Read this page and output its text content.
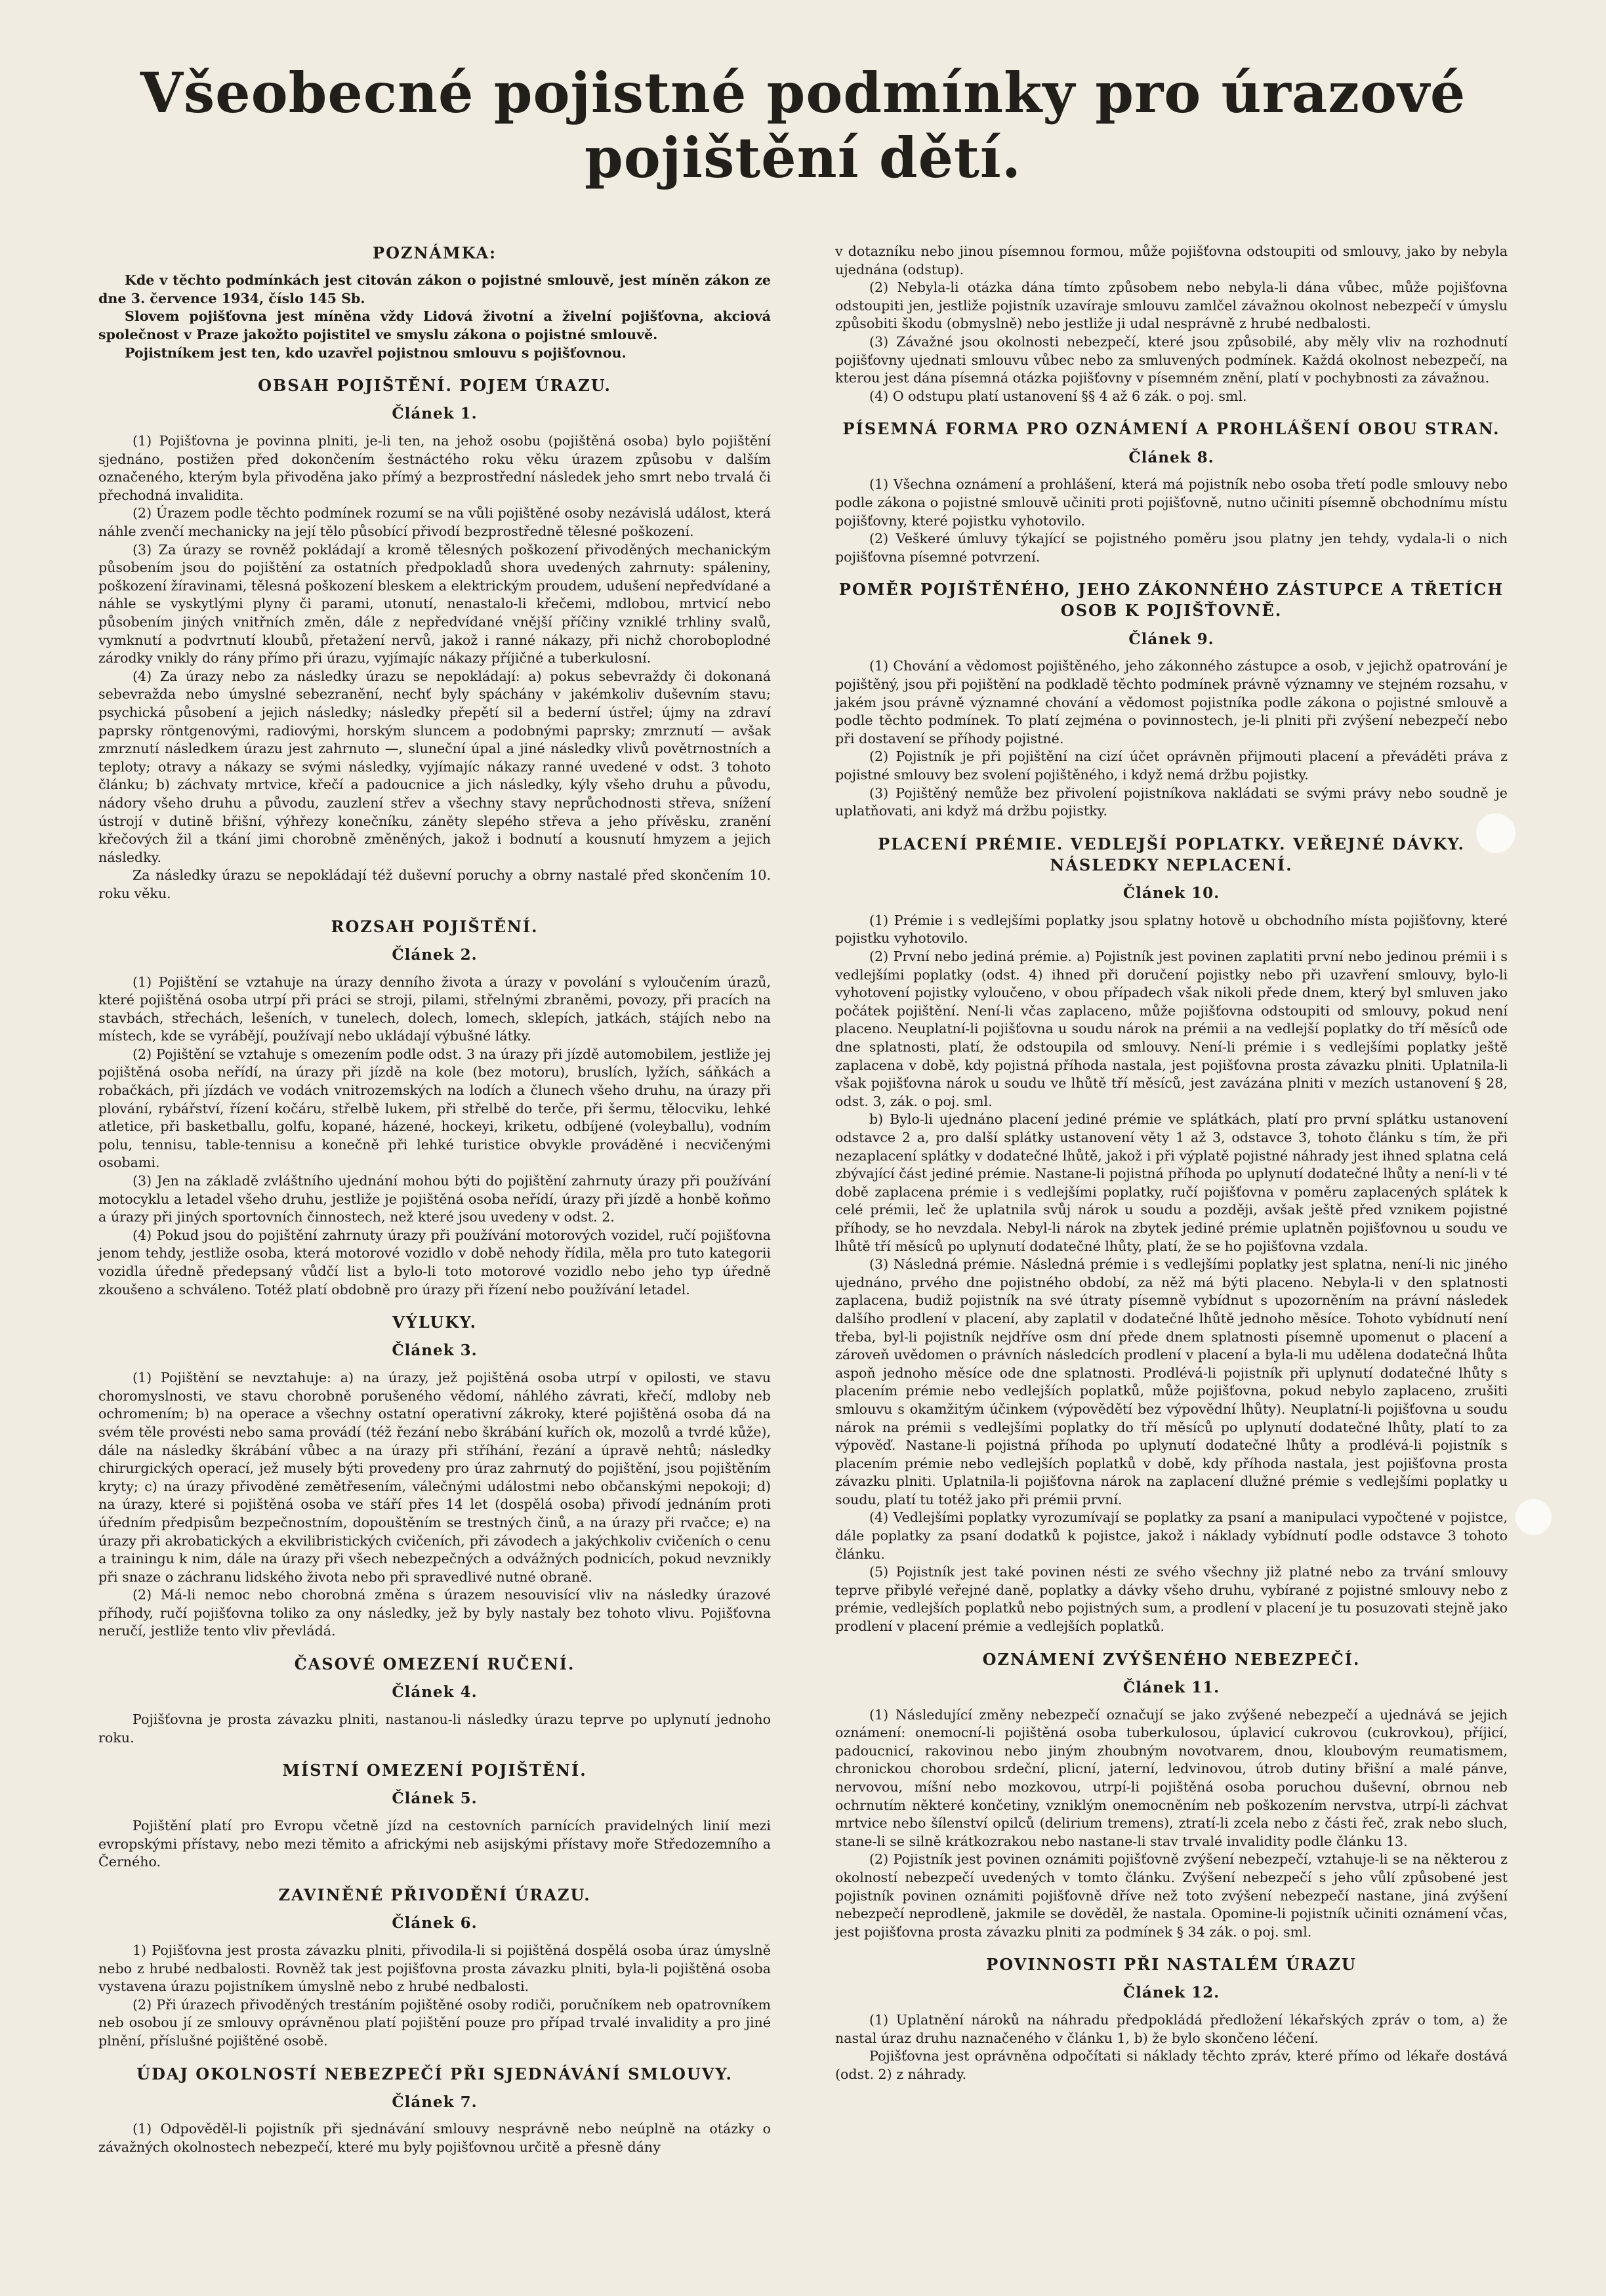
Všeobecné pojistné podmínky pro úrazové pojištění dětí.
POZNÁMKA:

Kde v těchto podmínkách jest citován zákon o pojistné smlouvě, jest míněn zákon ze dne 3. července 1934, číslo 145 Sb.

Slovem pojišťovna jest míněna vždy Lidová životní a živelní pojišťovna, akciová společnost v Praze jakožto pojistitel ve smyslu zákona o pojistné smlouvě.

Pojistníkem jest ten, kdo uzavřel pojistnou smlouvu s pojišťovnou.

OBSAH POJIŠTĚNÍ. POJEM ÚRAZU.
Článek 1.

(1) Pojišťovna je povinna plniti, je-li ten, na jehož osobu (pojištěná osoba) bylo pojištění sjednáno, postižen před dokončením šestnáctého roku věku úrazem způsobu v dalším označeného, kterým byla přivoděna jako přímý a bezprostřední následek jeho smrt nebo trvalá či přechodná invalidita.

(2) Úrazem podle těchto podmínek rozumí se na vůli pojištěné osoby nezávislá událost, která náhle zvenčí mechanicky na její tělo působící přivodí bezprostředně tělesné poškození.

(3) Za úrazy se rovněž pokládají a kromě tělesných poškození přivoděných mechanickým působením jsou do pojištění za ostatních předpokladů shora uvedených zahrnuty: spáleniny, poškození žíravinami, tělesná poškození bleskem a elektrickým proudem, udušení nepředvídané a náhle se vyskytlými plyny či parami, utonutí, nenastalo-li křečemi, mdlobou, mrtvicí nebo působením jiných vnitřních změn, dále z nepředvídané vnější příčiny vzniklé trhliny svalů, vymknutí a podvrtnutí kloubů, přetažení nervů, jakož i ranné nákazy, při nichž choroboplodné zárodky vnikly do rány přímo při úrazu, vyjímajíc nákazy příjičné a tuberkulosní.

(4) Za úrazy nebo za následky úrazu se nepokládají: a) pokus sebevraždy či dokonaná sebevražda nebo úmyslné sebezranění, nechť byly spáchány v jakémkoliv duševním stavu; psychická působení a jejich následky; následky přepětí sil a bederní ústřel; újmy na zdraví paprsky röntgenovými, radiovými, horským sluncem a podobnými paprsky; zmrznutí — avšak zmrznutí následkem úrazu jest zahrnuto —, sluneční úpal a jiné následky vlivů povětrnostních a teploty; otravy a nákazy se svými následky, vyjímajíc nákazy ranné uvedené v odst. 3 tohoto článku; b) záchvaty mrtvice, křečí a padoucnice a jich následky, kýly všeho druhu a původu, nádory všeho druhu a původu, zauzlení střev a všechny stavy neprůchodnosti střeva, snížení ústrojí v dutině břišní, výhřezy konečníku, záněty slepého střeva a jeho přívěsku, zranění křečových žil a tkání jimi chorobně změněných, jakož i bodnutí a kousnutí hmyzem a jejich následky.

Za následky úrazu se nepokládají též duševní poruchy a obrny nastalé před skončením 10. roku věku.

ROZSAH POJIŠTĚNÍ.
Článek 2.

(1) Pojištění se vztahuje na úrazy denního života a úrazy v povolání s vyloučením úrazů, které pojištěná osoba utrpí při práci se stroji, pilami, střelnými zbraněmi, povozy, při pracích na stavbách, střechách, lešeních, v tunelech, dolech, lomech, sklepích, jatkách, stájích nebo na místech, kde se vyrábějí, používají nebo ukládají výbušné látky.

(2) Pojištění se vztahuje s omezením podle odst. 3 na úrazy při jízdě automobilem, jestliže jej pojištěná osoba neřídí, na úrazy při jízdě na kole (bez motoru), bruslích, lyžích, sáňkách a robačkách, při jízdách ve vodách vnitrozemských na lodích a člunech všeho druhu, na úrazy při plování, rybářství, řízení kočáru, střelbě lukem, při střelbě do terče, při šermu, tělocviku, lehké atletice, při basketballu, golfu, kopané, házené, hockeyi, kriketu, odbíjené (voleyballu), vodním polu, tennisu, table-tennisu a konečně při lehké turistice obvykle prováděné i necvičenými osobami.

(3) Jen na základě zvláštního ujednání mohou býti do pojištění zahrnuty úrazy při používání motocyklu a letadel všeho druhu, jestliže je pojištěná osoba neřídí, úrazy při jízdě a honbě koňmo a úrazy při jiných sportovních činnostech, než které jsou uvedeny v odst. 2.

(4) Pokud jsou do pojištění zahrnuty úrazy při používání motorových vozidel, ručí pojišťovna jenom tehdy, jestliže osoba, která motorové vozidlo v době nehody řídila, měla pro tuto kategorii vozidla úředně předepsaný vůdčí list a bylo-li toto motorové vozidlo nebo jeho typ úředně zkoušeno a schváleno. Totéž platí obdobně pro úrazy při řízení nebo používání letadel.

VÝLUKY.
Článek 3.

(1) Pojištění se nevztahuje: a) na úrazy, jež pojištěná osoba utrpí v opilosti, ve stavu choromyslnosti, ve stavu chorobně porušeného vědomí, náhlého závrati, křečí, mdloby neb ochromením; b) na operace a všechny ostatní operativní zákroky, které pojištěná osoba dá na svém těle provésti nebo sama provádí (též řezání nebo škrábání kuřích ok, mozolů a tvrdé kůže), dále na následky škrábání vůbec a na úrazy při stříhání, řezání a úpravě nehtů; následky chirurgických operací, jež musely býti provedeny pro úraz zahrnutý do pojištění, jsou pojištěním kryty; c) na úrazy přivoděné zemětřesením, válečnými událostmi nebo občanskými nepokoji; d) na úrazy, které si pojištěná osoba ve stáří přes 14 let (dospělá osoba) přivodí jednáním proti úředním předpisům bezpečnostním, dopouštěním se trestných činů, a na úrazy při rvačce; e) na úrazy při akrobatických a ekvilibristických cvičeních, při závodech a jakýchkoliv cvičeních o cenu a trainingu k nim, dále na úrazy při všech nebezpečných a odvážných podnicích, pokud nevznikly při snaze o záchranu lidského života nebo při spravedlivé nutné obraně.

(2) Má-li nemoc nebo chorobná změna s úrazem nesouvisící vliv na následky úrazové příhody, ručí pojišťovna toliko za ony následky, jež by byly nastaly bez tohoto vlivu. Pojišťovna neručí, jestliže tento vliv převládá.

ČASOVÉ OMEZENÍ RUČENÍ.
Článek 4.

Pojišťovna je prosta závazku plniti, nastanou-li následky úrazu teprve po uplynutí jednoho roku.

MÍSTNÍ OMEZENÍ POJIŠTĚNÍ.
Článek 5.

Pojištění platí pro Evropu včetně jízd na cestovních parnících pravidelných linií mezi evropskými přístavy, nebo mezi těmito a africkými neb asijskými přístavy moře Středozemního a Černého.

ZAVINĚNÉ PŘIVODĚNÍ ÚRAZU.
Článek 6.

1) Pojišťovna jest prosta závazku plniti, přivodila-li si pojištěná dospělá osoba úraz úmyslně nebo z hrubé nedbalosti. Rovněž tak jest pojišťovna prosta závazku plniti, byla-li pojištěná osoba vystavena úrazu pojistníkem úmyslně nebo z hrubé nedbalosti.

(2) Při úrazech přivoděných trestáním pojištěné osoby rodiči, poručníkem neb opatrovníkem neb osobou jí ze smlouvy oprávněnou platí pojištění pouze pro případ trvalé invalidity a pro jiné plnění, příslušné pojištěné osobě.

ÚDAJ OKOLNOSTÍ NEBEZPEČÍ PŘI SJEDNÁVÁNÍ SMLOUVY.
Článek 7.

(1) Odpověděl-li pojistník při sjednávání smlouvy nesprávně nebo neúplně na otázky o závažných okolnostech nebezpečí, které mu byly pojišťovnou určitě a přesně dány

v dotazníku nebo jinou písemnou formou, může pojišťovna odstoupiti od smlouvy, jako by nebyla ujednána (odstup).

(2) Nebyla-li otázka dána tímto způsobem nebo nebyla-li dána vůbec, může pojišťovna odstoupiti jen, jestliže pojistník uzavíraje smlouvu zamlčel závažnou okolnost nebezpečí v úmyslu způsobiti škodu (obmyslně) nebo jestliže ji udal nesprávně z hrubé nedbalosti.

(3) Závažné jsou okolnosti nebezpečí, které jsou způsobilé, aby měly vliv na rozhodnutí pojišťovny ujednati smlouvu vůbec nebo za smluvených podmínek. Každá okolnost nebezpečí, na kterou jest dána písemná otázka pojišťovny v písemném znění, platí v pochybnosti za závažnou.

(4) O odstupu platí ustanovení §§ 4 až 6 zák. o poj. sml.

PÍSEMNÁ FORMA PRO OZNÁMENÍ A PROHLÁŠENÍ OBOU STRAN.
Článek 8.

(1) Všechna oznámení a prohlášení, která má pojistník nebo osoba třetí podle smlouvy nebo podle zákona o pojistné smlouvě učiniti proti pojišťovně, nutno učiniti písemně obchodnímu místu pojišťovny, které pojistku vyhotovilo.

(2) Veškeré úmluvy týkající se pojistného poměru jsou platny jen tehdy, vydala-li o nich pojišťovna písemné potvrzení.

POMĚR POJIŠTĚNÉHO, JEHO ZÁKONNÉHO ZÁSTUPCE A TŘETÍCH OSOB K POJIŠŤOVNĚ.
Článek 9.

(1) Chování a vědomost pojištěného, jeho zákonného zástupce a osob, v jejichž opatrování je pojištěný, jsou při pojištění na podkladě těchto podmínek právně významny ve stejném rozsahu, v jakém jsou právně významné chování a vědomost pojistníka podle zákona o pojistné smlouvě a podle těchto podmínek. To platí zejména o povinnostech, je-li plniti při zvýšení nebezpečí nebo při dostavení se příhody pojistné.

(2) Pojistník je při pojištění na cizí účet oprávněn přijmouti placení a převáděti práva z pojistné smlouvy bez svolení pojištěného, i když nemá držbu pojistky.

(3) Pojištěný nemůže bez přivolení pojistníkova nakládati se svými právy nebo soudně je uplatňovati, ani když má držbu pojistky.

PLACENÍ PRÉMIE. VEDLEJŠÍ POPLATKY. VEŘEJNÉ DÁVKY. NÁSLEDKY NEPLACENÍ.
Článek 10.

(1) Prémie i s vedlejšími poplatky jsou splatny hotově u obchodního místa pojišťovny, které pojistku vyhotovilo.

(2) První nebo jediná prémie. a) Pojistník jest povinen zaplatiti první nebo jedinou prémii i s vedlejšími poplatky (odst. 4) ihned při doručení pojistky nebo při uzavření smlouvy, bylo-li vyhotovení pojistky vyloučeno, v obou případech však nikoli přede dnem, který byl smluven jako počátek pojištění. Není-li včas zaplaceno, může pojišťovna odstoupiti od smlouvy, pokud není placeno. Neuplatní-li pojišťovna u soudu nárok na prémii a na vedlejší poplatky do tří měsíců ode dne splatnosti, platí, že odstoupila od smlouvy. Není-li prémie i s vedlejšími poplatky ještě zaplacena v době, kdy pojistná příhoda nastala, jest pojišťovna prosta závazku plniti. Uplatnila-li však pojišťovna nárok u soudu ve lhůtě tří měsíců, jest zavázána plniti v mezích ustanovení § 28, odst. 3, zák. o poj. sml.

b) Bylo-li ujednáno placení jediné prémie ve splátkách, platí pro první splátku ustanovení odstavce 2 a, pro další splátky ustanovení věty 1 až 3, odstavce 3, tohoto článku s tím, že při nezaplacení splátky v dodatečné lhůtě, jakož i při výplatě pojistné náhrady jest ihned splatna celá zbývající část jediné prémie. Nastane-li pojistná příhoda po uplynutí dodatečné lhůty a není-li v té době zaplacena prémie i s vedlejšími poplatky, ručí pojišťovna v poměru zaplacených splátek k celé prémii, leč že uplatnila svůj nárok u soudu a později, avšak ještě před vznikem pojistné příhody, se ho nevzdala. Nebyl-li nárok na zbytek jediné prémie uplatněn pojišťovnou u soudu ve lhůtě tří měsíců po uplynutí dodatečné lhůty, platí, že se ho pojišťovna vzdala.

(3) Následná prémie. Následná prémie i s vedlejšími poplatky jest splatna, není-li nic jiného ujednáno, prvého dne pojistného období, za něž má býti placeno. Nebyla-li v den splatnosti zaplacena, budiž pojistník na své útraty písemně vybídnut s upozorněním na právní následek dalšího prodlení v placení, aby zaplatil v dodatečné lhůtě jednoho měsíce. Tohoto vybídnutí není třeba, byl-li pojistník nejdříve osm dní přede dnem splatnosti písemně upomenut o placení a zároveň uvědomen o právních následcích prodlení v placení a byla-li mu udělena dodatečná lhůta aspoň jednoho měsíce ode dne splatnosti. Prodlévá-li pojistník při uplynutí dodatečné lhůty s placením prémie nebo vedlejších poplatků, může pojišťovna, pokud nebylo zaplaceno, zrušiti smlouvu s okamžitým účinkem (výpovědětí bez výpovědní lhůty). Neuplatní-li pojišťovna u soudu nárok na prémii s vedlejšími poplatky do tří měsíců po uplynutí dodatečné lhůty, platí to za výpověď. Nastane-li pojistná příhoda po uplynutí dodatečné lhůty a prodlévá-li pojistník s placením prémie nebo vedlejších poplatků v době, kdy příhoda nastala, jest pojišťovna prosta závazku plniti. Uplatnila-li pojišťovna nárok na zaplacení dlužné prémie s vedlejšími poplatky u soudu, platí tu totéž jako při prémii první.

(4) Vedlejšími poplatky vyrozumívají se poplatky za psaní a manipulaci vypočtené v pojistce, dále poplatky za psaní dodatků k pojistce, jakož i náklady vybídnutí podle odstavce 3 tohoto článku.

(5) Pojistník jest také povinen nésti ze svého všechny již platné nebo za trvání smlouvy teprve přibylé veřejné daně, poplatky a dávky všeho druhu, vybírané z pojistné smlouvy nebo z prémie, vedlejších poplatků nebo pojistných sum, a prodlení v placení je tu posuzovati stejně jako prodlení v placení prémie a vedlejších poplatků.

OZNÁMENÍ ZVÝŠENÉHO NEBEZPEČÍ.
Článek 11.

(1) Následující změny nebezpečí označují se jako zvýšené nebezpečí a ujednává se jejich oznámení: onemocní-li pojištěná osoba tuberkulosou, úplavicí cukrovou (cukrovkou), příjicí, padoucnicí, rakovinou nebo jiným zhoubným novotvarem, dnou, kloubovým reumatismem, chronickou chorobou srdeční, plicní, jaterní, ledvinovou, útrob dutiny břišní a malé pánve, nervovou, míšní nebo mozkovou, utrpí-li pojištěná osoba poruchou duševní, obrnou neb ochrnutím některé končetiny, vzniklým onemocněním neb poškozením nervstva, utrpí-li záchvat mrtvice nebo šílenství opilců (delirium tremens), ztratí-li zcela nebo z části řeč, zrak nebo sluch, stane-li se silně krátkozrakou nebo nastane-li stav trvalé invalidity podle článku 13.

(2) Pojistník jest povinen oznámiti pojišťovně zvýšení nebezpečí, vztahuje-li se na některou z okolností nebezpečí uvedených v tomto článku. Zvýšení nebezpečí s jeho vůlí způsobené jest pojistník povinen oznámiti pojišťovně dříve než toto zvýšení nebezpečí nastane, jiná zvýšení nebezpečí neprodleně, jakmile se dověděl, že nastala. Opomine-li pojistník učiniti oznámení včas, jest pojišťovna prosta závazku plniti za podmínek § 34 zák. o poj. sml.

POVINNOSTI PŘI NASTALÉM ÚRAZU
Článek 12.

(1) Uplatnění nároků na náhradu předpokládá předložení lékařských zpráv o tom, a) že nastal úraz druhu naznačeného v článku 1, b) že bylo skončeno léčení.

Pojišťovna jest oprávněna odpočítati si náklady těchto zpráv, které přímo od lékaře dostává (odst. 2) z náhrady.
